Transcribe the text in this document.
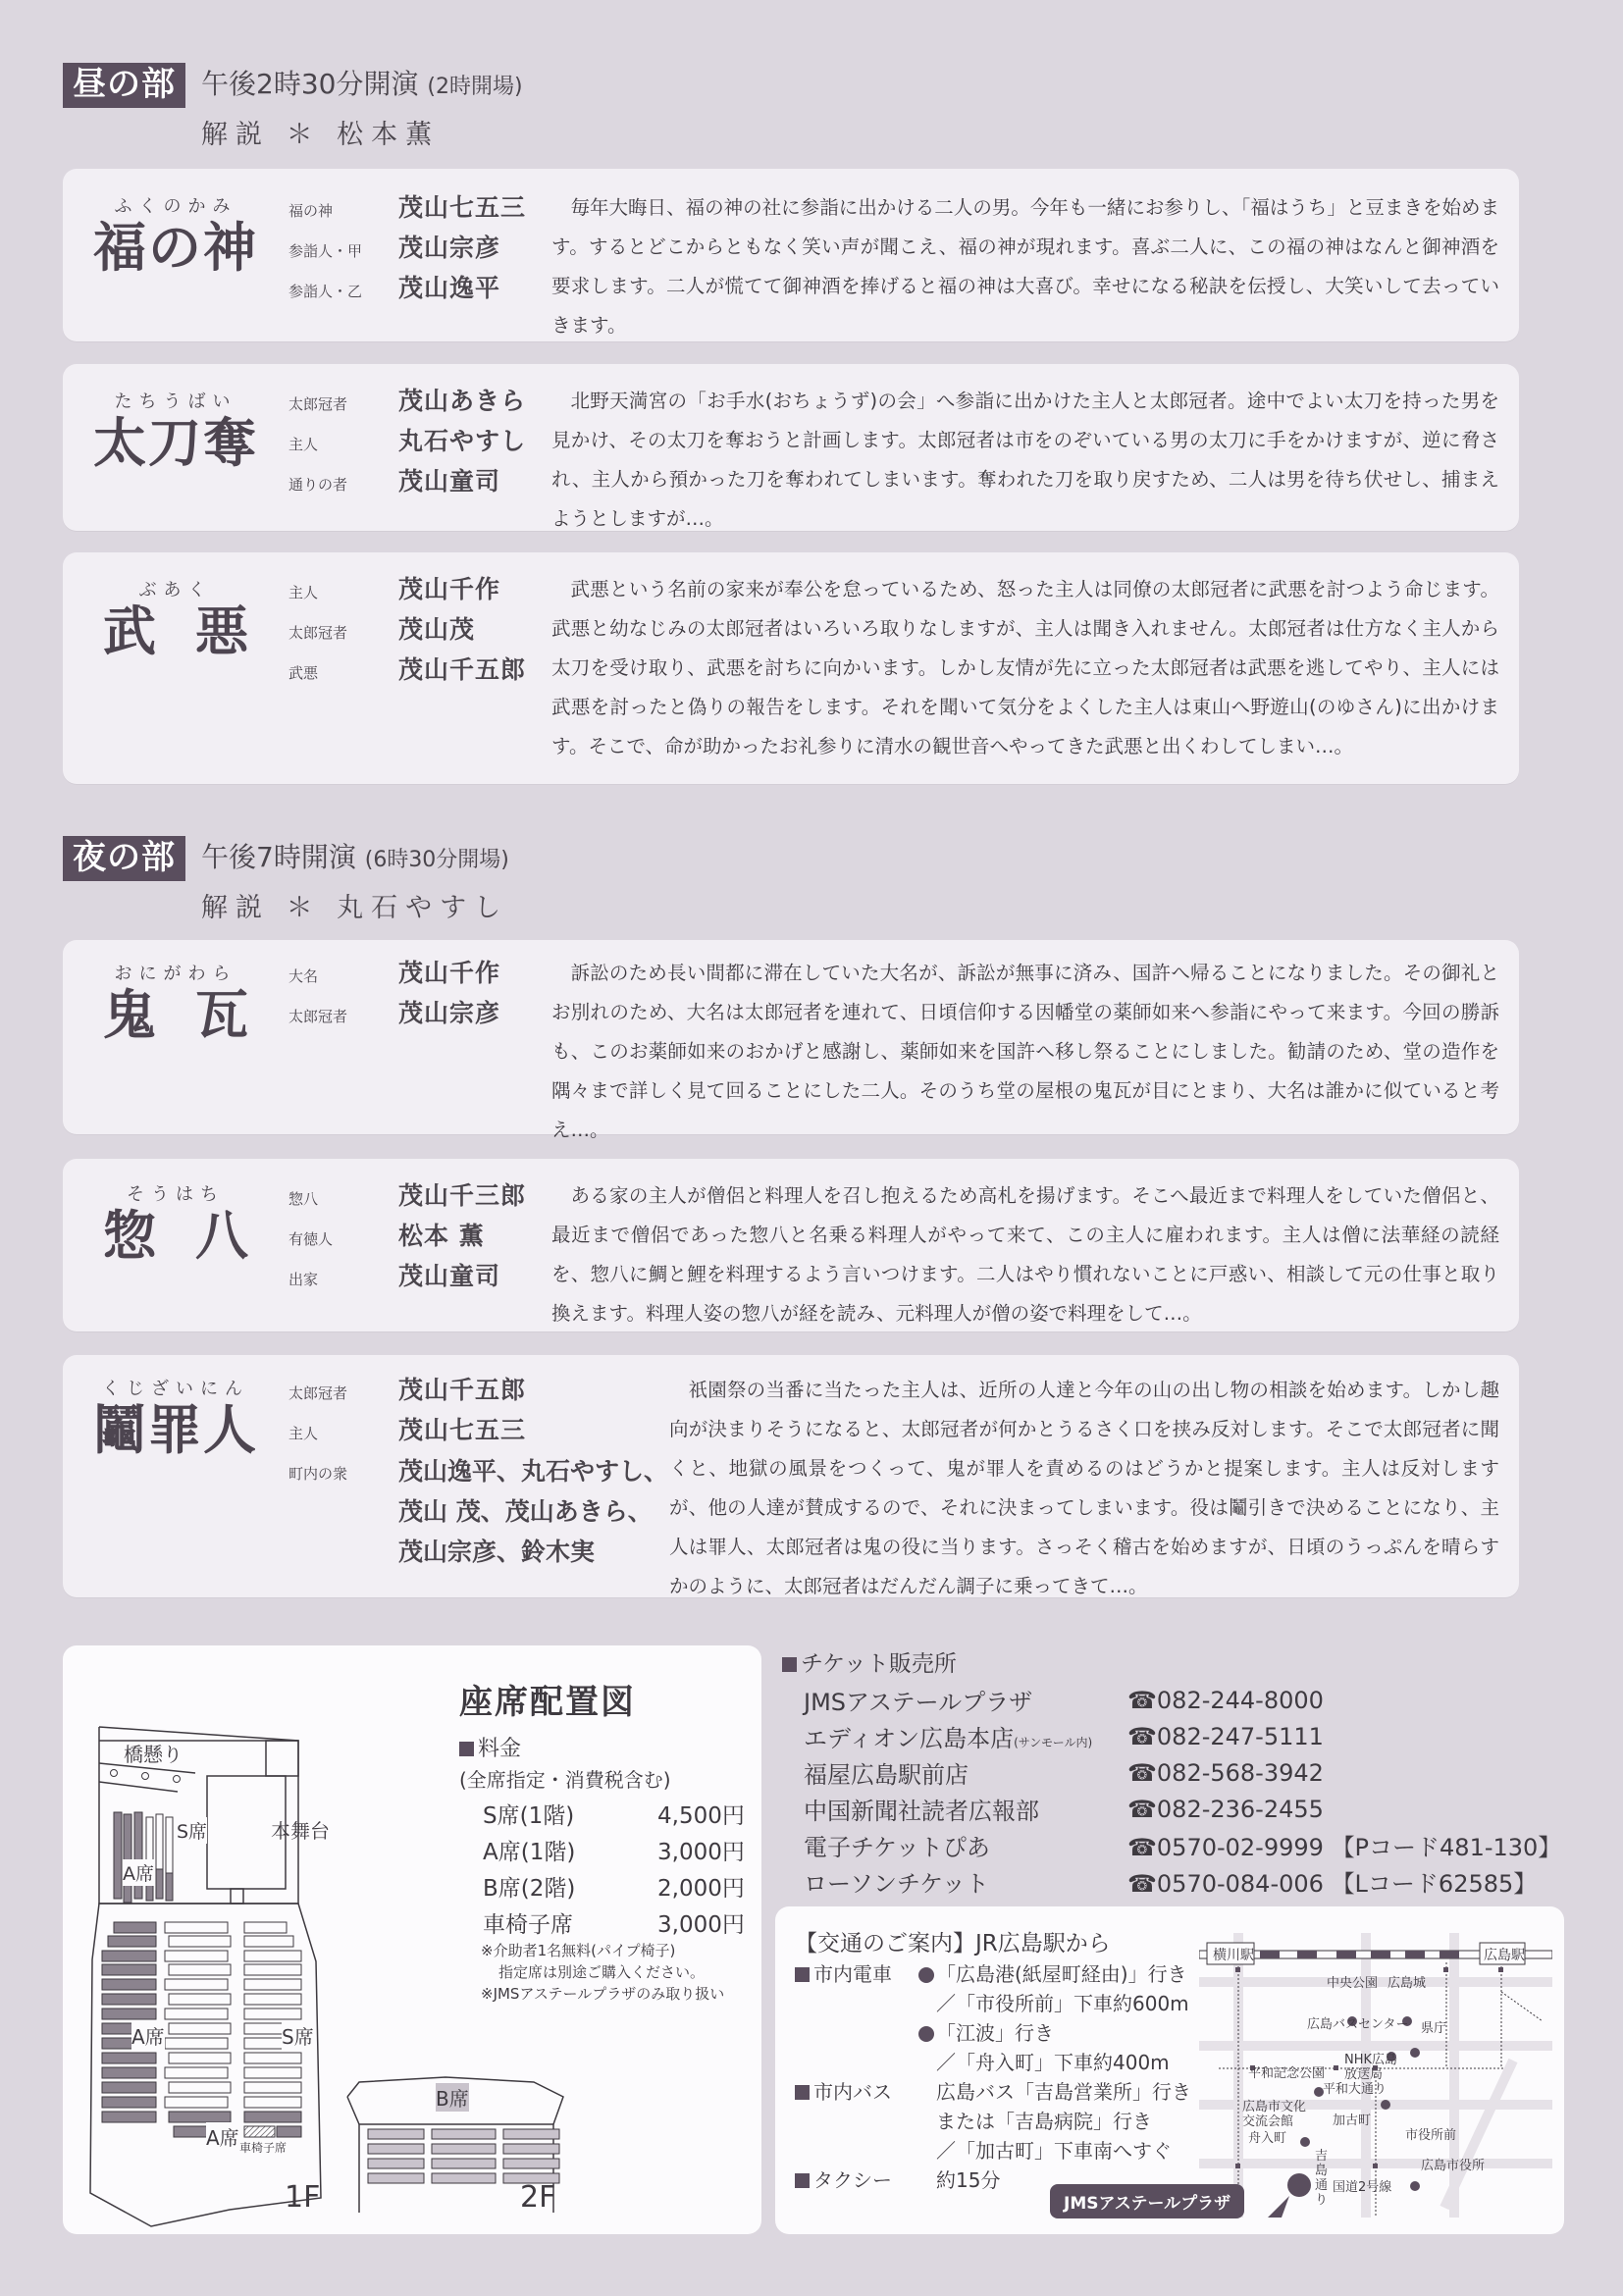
昼の部 午後2時30分開演 (2時開場)
解説 ＊ 松本薫
ふくのかみ
福の神
福の神	茂山七五三
参詣人・甲	茂山宗彦
参詣人・乙	茂山逸平
毎年大晦日、福の神の社に参詣に出かける二人の男。今年も一緒にお参りし、「福はうち」と豆まきを始めます。するとどこからともなく笑い声が聞こえ、福の神が現れます。喜ぶ二人に、この福の神はなんと御神酒を要求します。二人が慌てて御神酒を捧げると福の神は大喜び。幸せになる秘訣を伝授し、大笑いして去っていきます。
たちうばい
太刀奪
太郎冠者	茂山あきら
主人	丸石やすし
通りの者	茂山童司
北野天満宮の「お手水(おちょうず)の会」へ参詣に出かけた主人と太郎冠者。途中でよい太刀を持った男を見かけ、その太刀を奪おうと計画します。太郎冠者は市をのぞいている男の太刀に手をかけますが、逆に脅され、主人から預かった刀を奪われてしまいます。奪われた刀を取り戻すため、二人は男を待ち伏せし、捕まえようとしますが…。
ぶあく
武悪
主人	茂山千作
太郎冠者	茂山茂
武悪	茂山千五郎
武悪という名前の家来が奉公を怠っているため、怒った主人は同僚の太郎冠者に武悪を討つよう命じます。武悪と幼なじみの太郎冠者はいろいろ取りなしますが、主人は聞き入れません。太郎冠者は仕方なく主人から太刀を受け取り、武悪を討ちに向かいます。しかし友情が先に立った太郎冠者は武悪を逃してやり、主人には武悪を討ったと偽りの報告をします。それを聞いて気分をよくした主人は東山へ野遊山(のゆさん)に出かけます。そこで、命が助かったお礼参りに清水の観世音へやってきた武悪と出くわしてしまい…。
夜の部 午後7時開演 (6時30分開場)
解説 ＊ 丸石やすし
おにがわら
鬼瓦
大名	茂山千作
太郎冠者	茂山宗彦
訴訟のため長い間都に滞在していた大名が、訴訟が無事に済み、国許へ帰ることになりました。その御礼とお別れのため、大名は太郎冠者を連れて、日頃信仰する因幡堂の薬師如来へ参詣にやって来ます。今回の勝訴も、このお薬師如来のおかげと感謝し、薬師如来を国許へ移し祭ることにしました。勧請のため、堂の造作を隅々まで詳しく見て回ることにした二人。そのうち堂の屋根の鬼瓦が目にとまり、大名は誰かに似ていると考え…。
そうはち
惣八
惣八	茂山千三郎
有徳人	松本 薫
出家	茂山童司
ある家の主人が僧侶と料理人を召し抱えるため高札を揚げます。そこへ最近まで料理人をしていた僧侶と、最近まで僧侶であった惣八と名乗る料理人がやって来て、この主人に雇われます。主人は僧に法華経の読経を、惣八に鯛と鯉を料理するよう言いつけます。二人はやり慣れないことに戸惑い、相談して元の仕事と取り換えます。料理人姿の惣八が経を読み、元料理人が僧の姿で料理をして…。
くじざいにん
鬮罪人
太郎冠者	茂山千五郎
主人	茂山七五三
町内の衆	茂山逸平、丸石やすし、
茂山 茂、茂山あきら、
茂山宗彦、鈴木実
祇園祭の当番に当たった主人は、近所の人達と今年の山の出し物の相談を始めます。しかし趣向が決まりそうになると、太郎冠者が何かとうるさく口を挟み反対します。そこで太郎冠者に聞くと、地獄の風景をつくって、鬼が罪人を責めるのはどうかと提案します。主人は反対しますが、他の人達が賛成するので、それに決まってしまいます。役は鬮引きで決めることになり、主人は罪人、太郎冠者は鬼の役に当ります。さっそく稽古を始めますが、日頃のうっぷんを晴らすかのように、太郎冠者はだんだん調子に乗ってきて…。
橋懸り
本舞台
S席
A席
A席	S席
A席 車椅子席
B席
1F	2F
座席配置図
料金
(全席指定・消費税含む)
S席(1階)	4,500円
A席(1階)	3,000円
B席(2階)	2,000円
車椅子席	3,000円
※介助者1名無料(パイプ椅子)
指定席は別途ご購入ください。
※JMSアステールプラザのみ取り扱い
チケット販売所
JMSアステールプラザ	☎082-244-8000
エディオン広島本店(サンモール内)	☎082-247-5111
福屋広島駅前店	☎082-568-3942
中国新聞社読者広報部	☎082-236-2455
電子チケットぴあ	☎0570-02-9999 【Pコード481-130】
ローソンチケット	☎0570-084-006 【Lコード62585】
【交通のご案内】JR広島駅から
市内電車	「広島港(紙屋町経由)」行き
／「市役所前」下車約600m
「江波」行き
／「舟入町」下車約400m
市内バス	広島バス「吉島営業所」行き
または「吉島病院」行き
／「加古町」下車南へすぐ
タクシー	約15分
横川駅	広島駅
中央公園 広島城
広島バスセンター 県庁
平和記念公園
NHK広島
放送局
平和大通り
広島市文化
交流会館	加古町
市役所前
舟入町
広島市役所
吉島通り
国道2号線
JMSアステールプラザ
